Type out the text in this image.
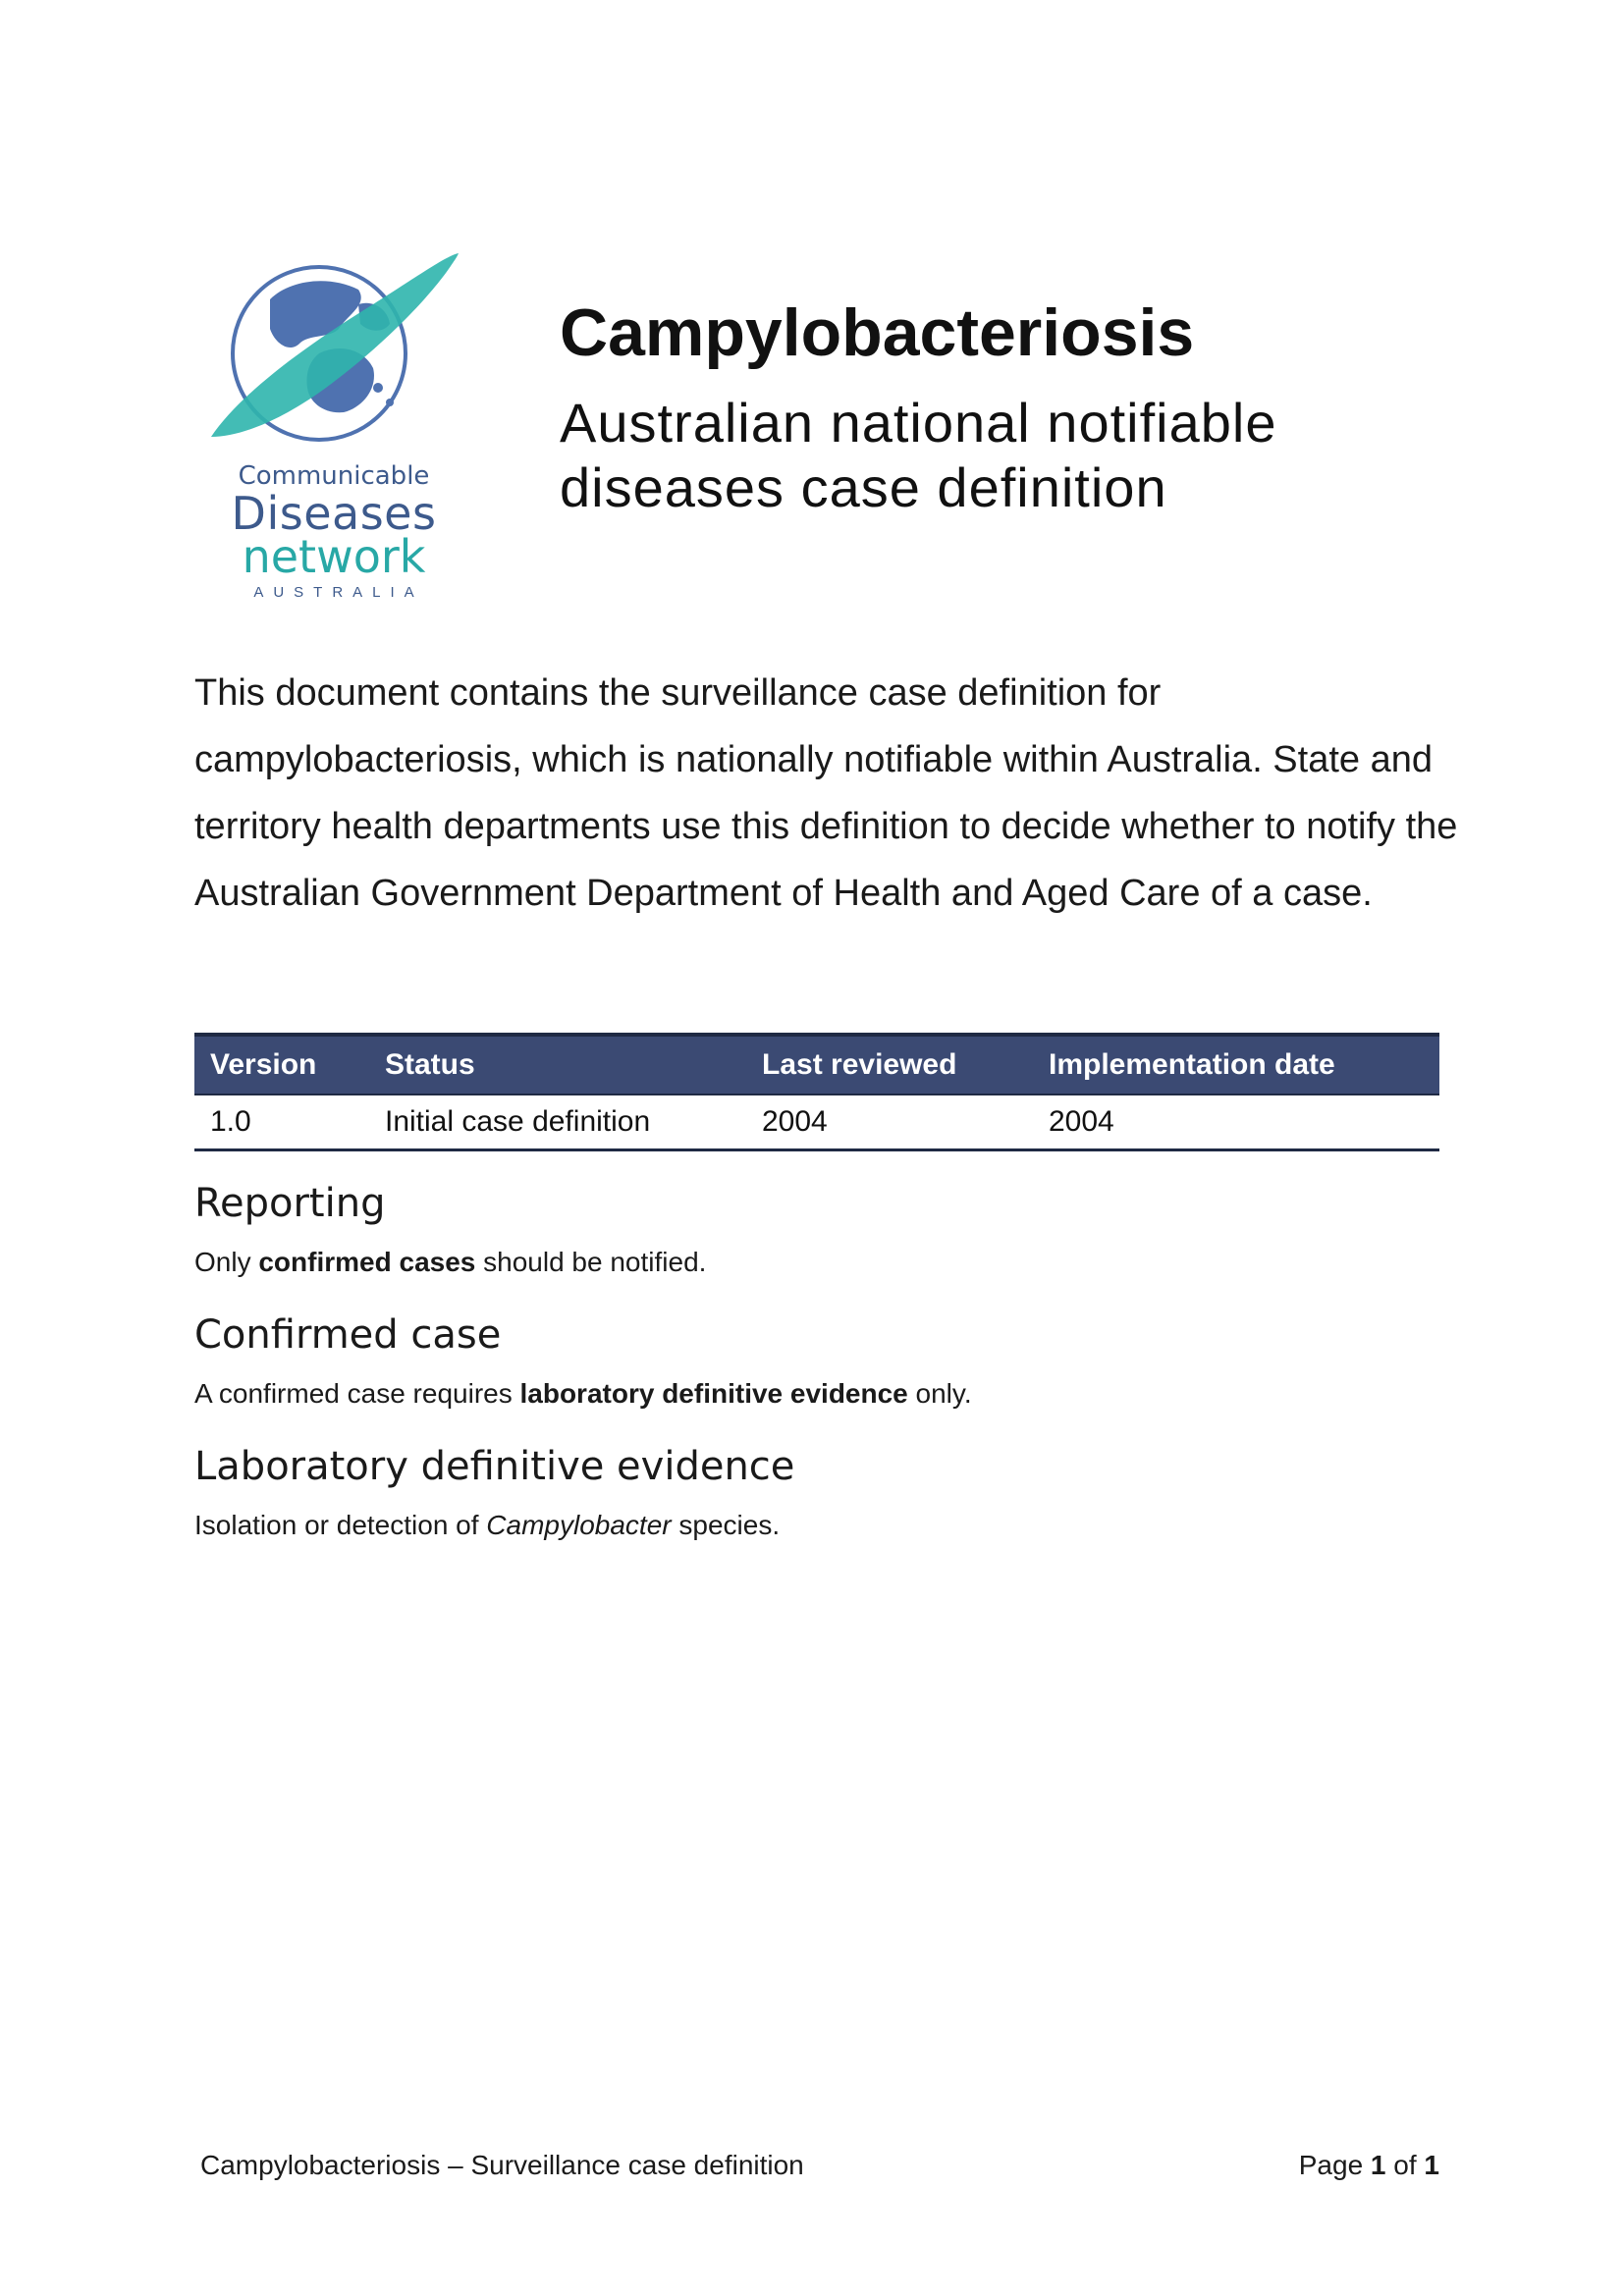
Communicable
Diseases
network
AUSTRALIA
Campylobacteriosis
Australian national notifiable diseases case definition
This document contains the surveillance case definition for campylobacteriosis, which is nationally notifiable within Australia. State and territory health departments use this definition to decide whether to notify the Australian Government Department of Health and Aged Care of a case.
Version	Status	Last reviewed	Implementation date
1.0	Initial case definition	2004	2004
Reporting
Only confirmed cases should be notified.
Confirmed case
A confirmed case requires laboratory definitive evidence only.
Laboratory definitive evidence
Isolation or detection of Campylobacter species.
Campylobacteriosis – Surveillance case definition	Page 1 of 1
